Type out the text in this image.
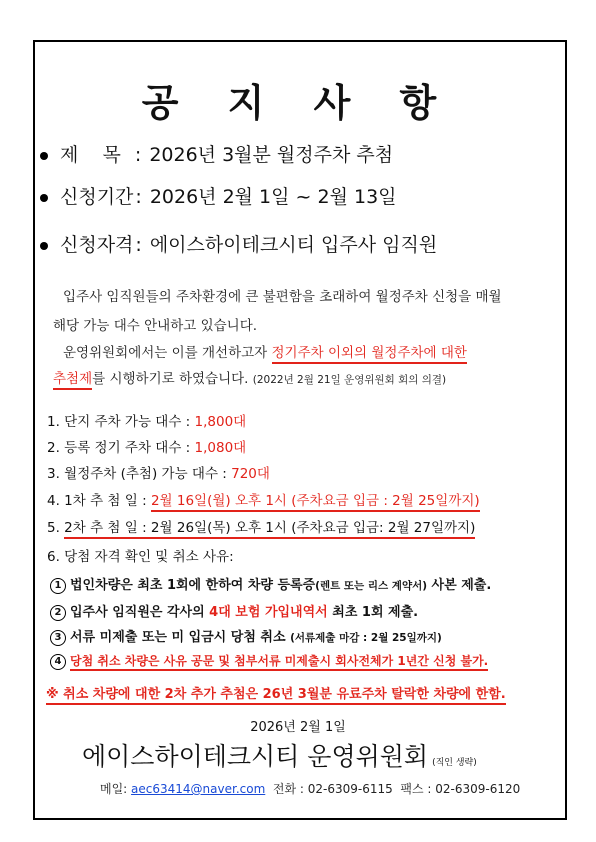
공 지 사 항
제    목 : 2026년 3월분 월정주차 추첨
신청기간 : 2026년 2월 1일 ~ 2월 13일
신청자격 : 에이스하이테크시티 입주사 임직원
입주사 임직원들의 주차환경에 큰 불편함을 초래하여 월정주차 신청을 매월
해당 가능 대수 안내하고 있습니다.
운영위원회에서는 이를 개선하고자 정기주차 이외의 월정주차에 대한
추첨제를 시행하기로 하였습니다. (2022년 2월 21일 운영위원회 회의 의결)
1. 단지 주차 가능 대수 : 1,800대
2. 등록 정기 주차 대수 : 1,080대
3. 월정주차 (추첨) 가능 대수 : 720대
4. 1차 추 첨 일 : 2월 16일(월) 오후 1시 (주차요금 입금 : 2월 25일까지)
5. 2차 추 첨 일 : 2월 26일(목) 오후 1시 (주차요금 입금: 2월 27일까지)
6. 당첨 자격 확인 및 취소 사유:
1 법인차량은 최초 1회에 한하여 차량 등록증(렌트 또는 리스 계약서) 사본 제출.
2 입주사 임직원은 각사의 4대 보험 가입내역서 최초 1회 제출.
3 서류 미제출 또는 미 입금시 당첨 취소 (서류제출 마감 : 2월 25일까지)
4 당첨 취소 차량은 사유 공문 및 첨부서류 미제출시 회사전체가 1년간 신청 불가.
※ 취소 차량에 대한 2차 추가 추첨은 26년 3월분 유료주차 탈락한 차량에 한함.
2026년 2월 1일
에이스하이테크시티 운영위원회 (직인 생략)
메일: aec63414@naver.com  전화 : 02-6309-6115  팩스 : 02-6309-6120
